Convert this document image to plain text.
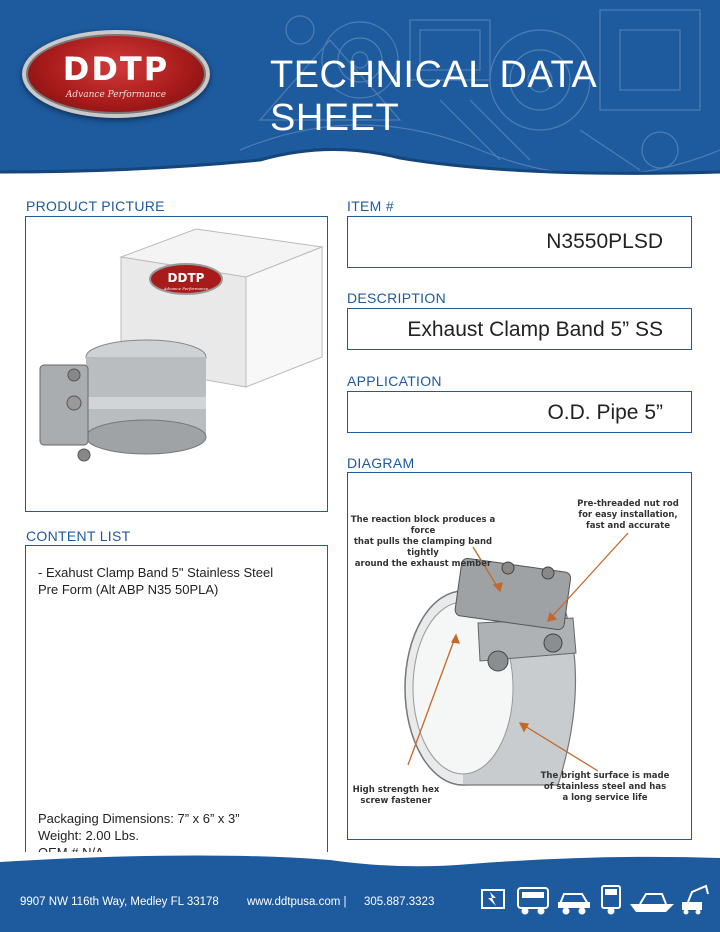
DDTP
Advance Performance	TECHNICAL DATA SHEET
PRODUCT PICTURE
DDTP
Advance Performance
CONTENT LIST
- Exahust Clamp Band 5" Stainless Steel
Pre Form (Alt ABP N35 50PLA)
Packaging Dimensions: 7” x 6” x 3”
Weight: 2.00 Lbs.
ITEM #
N3550PLSD
DESCRIPTION
Exhaust Clamp Band 5” SS
APPLICATION
O.D. Pipe 5”
DIAGRAM
The reaction block produces a force
that pulls the clamping band tightly
around the exhaust member
Pre-threaded nut rod
for easy installation,
fast and accurate
High strength hex
screw fastener
The bright surface is made
of stainless steel and has
a long service life
9907 NW 116th Way, Medley FL 33178 www.ddtpusa.com | 305.887.3323
